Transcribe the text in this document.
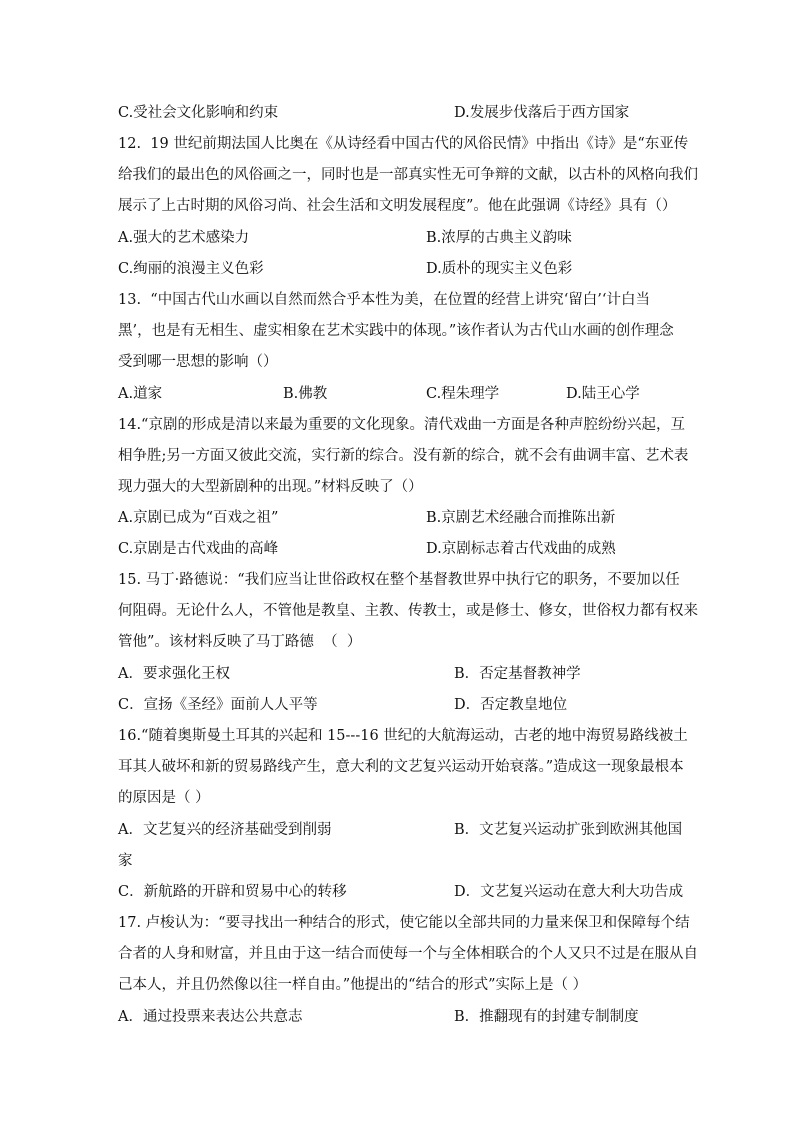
C.受社会文化影响和约束	D.发展步伐落后于西方国家
12.  19 世纪前期法国人比奥在《从诗经看中国古代的风俗民情》中指出《诗》是“东亚传
给我们的最出色的风俗画之一，同时也是一部真实性无可争辩的文献，以古朴的风格向我们
展示了上古时期的风俗习尚、社会生活和文明发展程度”。他在此强调《诗经》具有（）
A.强大的艺术感染力	B.浓厚的古典主义韵味
C.绚丽的浪漫主义色彩	D.质朴的现实主义色彩
13.  “中国古代山水画以自然而然合乎本性为美，在位置的经营上讲究‘留白’‘计白当
黑’，也是有无相生、虚实相象在艺术实践中的体现。”该作者认为古代山水画的创作理念
受到哪一思想的影响（）
A.道家	B.佛教	C.程朱理学	D.陆王心学
14.“京剧的形成是清以来最为重要的文化现象。清代戏曲一方面是各种声腔纷纷兴起，互
相争胜;另一方面又彼此交流，实行新的综合。没有新的综合，就不会有曲调丰富、艺术表
现力强大的大型新剧种的出现。”材料反映了（）
A.京剧已成为“百戏之祖”	B.京剧艺术经融合而推陈出新
C.京剧是古代戏曲的高峰	D.京剧标志着古代戏曲的成熟
15. 马丁·路德说：“我们应当让世俗政权在整个基督教世界中执行它的职务，不要加以任
何阻碍。无论什么人，不管他是教皇、主教、传教士，或是修士、修女，世俗权力都有权来
管他”。该材料反映了马丁路德  （  ）
A．要求强化王权	B．否定基督教神学
C．宣扬《圣经》面前人人平等	D．否定教皇地位
16.“随着奥斯曼土耳其的兴起和 15---16 世纪的大航海运动，古老的地中海贸易路线被土
耳其人破坏和新的贸易路线产生，意大利的文艺复兴运动开始衰落。”造成这一现象最根本
的原因是（ ）
A．文艺复兴的经济基础受到削弱	B．文艺复兴运动扩张到欧洲其他国
家
C．新航路的开辟和贸易中心的转移	D．文艺复兴运动在意大利大功告成
17. 卢梭认为：“要寻找出一种结合的形式，使它能以全部共同的力量来保卫和保障每个结
合者的人身和财富，并且由于这一结合而使每一个与全体相联合的个人又只不过是在服从自
己本人，并且仍然像以往一样自由。”他提出的“结合的形式”实际上是（ ）
A．通过投票来表达公共意志	B．推翻现有的封建专制制度
